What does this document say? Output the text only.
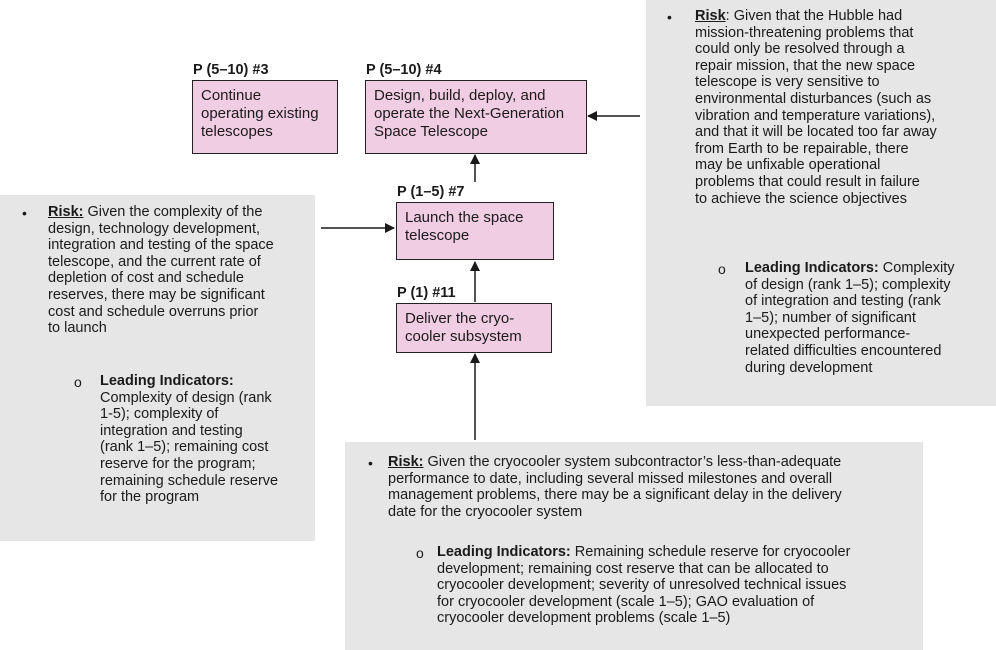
P (5–10) #3
Continue
operating existing
telescopes
P (5–10) #4
Design, build, deploy, and
operate the Next-Generation
Space Telescope
P (1–5) #7
Launch the space
telescope
P (1) #11
Deliver the cryo-
cooler subsystem
• Risk: Given that the Hubble had
mission-threatening problems that
could only be resolved through a
repair mission, that the new space
telescope is very sensitive to
environmental disturbances (such as
vibration and temperature variations),
and that it will be located too far away
from Earth to be repairable, there
may be unfixable operational
problems that could result in failure
to achieve the science objectives
o Leading Indicators: Complexity
of design (rank 1–5); complexity
of integration and testing (rank
1–5); number of significant
unexpected performance-
related difficulties encountered
during development
• Risk: Given the complexity of the
design, technology development,
integration and testing of the space
telescope, and the current rate of
depletion of cost and schedule
reserves, there may be significant
cost and schedule overruns prior
to launch
o Leading Indicators:
Complexity of design (rank
1-5); complexity of
integration and testing
(rank 1–5); remaining cost
reserve for the program;
remaining schedule reserve
for the program
• Risk: Given the cryocooler system subcontractor’s less-than-adequate
performance to date, including several missed milestones and overall
management problems, there may be a significant delay in the delivery
date for the cryocooler system
o Leading Indicators: Remaining schedule reserve for cryocooler
development; remaining cost reserve that can be allocated to
cryocooler development; severity of unresolved technical issues
for cryocooler development (scale 1–5); GAO evaluation of
cryocooler development problems (scale 1–5)
